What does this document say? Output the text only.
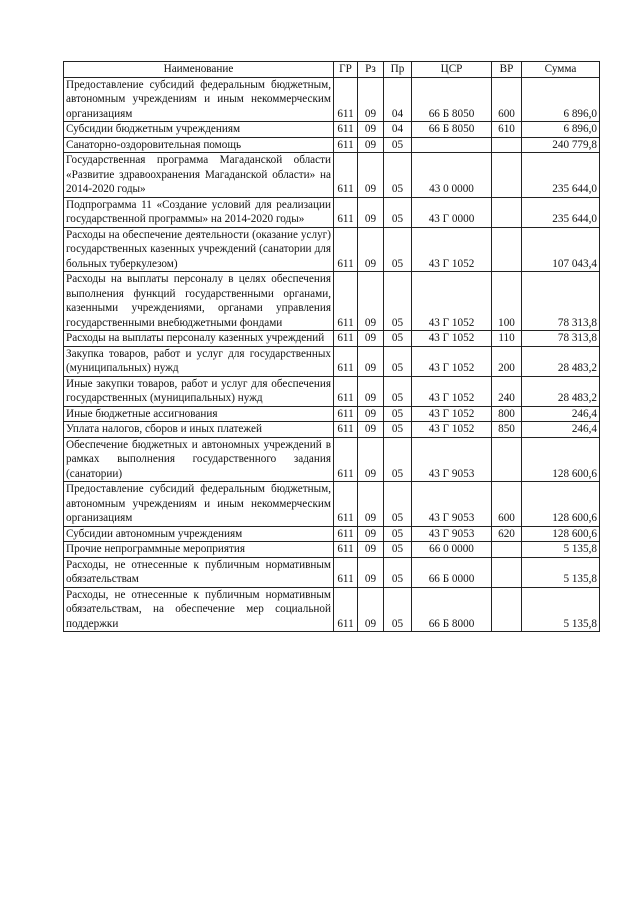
Наименование	ГР	Рз	Пр	ЦСР	ВР	Сумма
Предоставление субсидий федеральным бюджетным, автономным учреждениям и иным некоммерческим организациям	611	09	04	66 Б 8050	600	6 896,0
Субсидии бюджетным учреждениям	611	09	04	66 Б 8050	610	6 896,0
Санаторно-оздоровительная помощь	611	09	05			240 779,8
Государственная программа Магаданской области «Развитие здравоохранения Магаданской области» на 2014-2020 годы»	611	09	05	43 0 0000		235 644,0
Подпрограмма 11 «Создание условий для реализации государственной программы» на 2014-2020 годы»	611	09	05	43 Г 0000		235 644,0
Расходы на обеспечение деятельности (оказание услуг) государственных казенных учреждений (санатории для больных туберкулезом)	611	09	05	43 Г 1052		107 043,4
Расходы на выплаты персоналу в целях обеспечения выполнения функций государственными органами, казенными учреждениями, органами управления государственными внебюджетными фондами	611	09	05	43 Г 1052	100	78 313,8
Расходы на выплаты персоналу казенных учреждений	611	09	05	43 Г 1052	110	78 313,8
Закупка товаров, работ и услуг для государственных (муниципальных) нужд	611	09	05	43 Г 1052	200	28 483,2
Иные закупки товаров, работ и услуг для обеспечения государственных (муниципальных) нужд	611	09	05	43 Г 1052	240	28 483,2
Иные бюджетные ассигнования	611	09	05	43 Г 1052	800	246,4
Уплата налогов, сборов и иных платежей	611	09	05	43 Г 1052	850	246,4
Обеспечение бюджетных и автономных учреждений в рамках выполнения государственного задания (санатории)	611	09	05	43 Г 9053		128 600,6
Предоставление субсидий федеральным бюджетным, автономным учреждениям и иным некоммерческим организациям	611	09	05	43 Г 9053	600	128 600,6
Субсидии автономным учреждениям	611	09	05	43 Г 9053	620	128 600,6
Прочие непрограммные мероприятия	611	09	05	66 0 0000		5 135,8
Расходы, не отнесенные к публичным нормативным обязательствам	611	09	05	66 Б 0000		5 135,8
Расходы, не отнесенные к публичным нормативным обязательствам, на обеспечение мер социальной поддержки	611	09	05	66 Б 8000		5 135,8
